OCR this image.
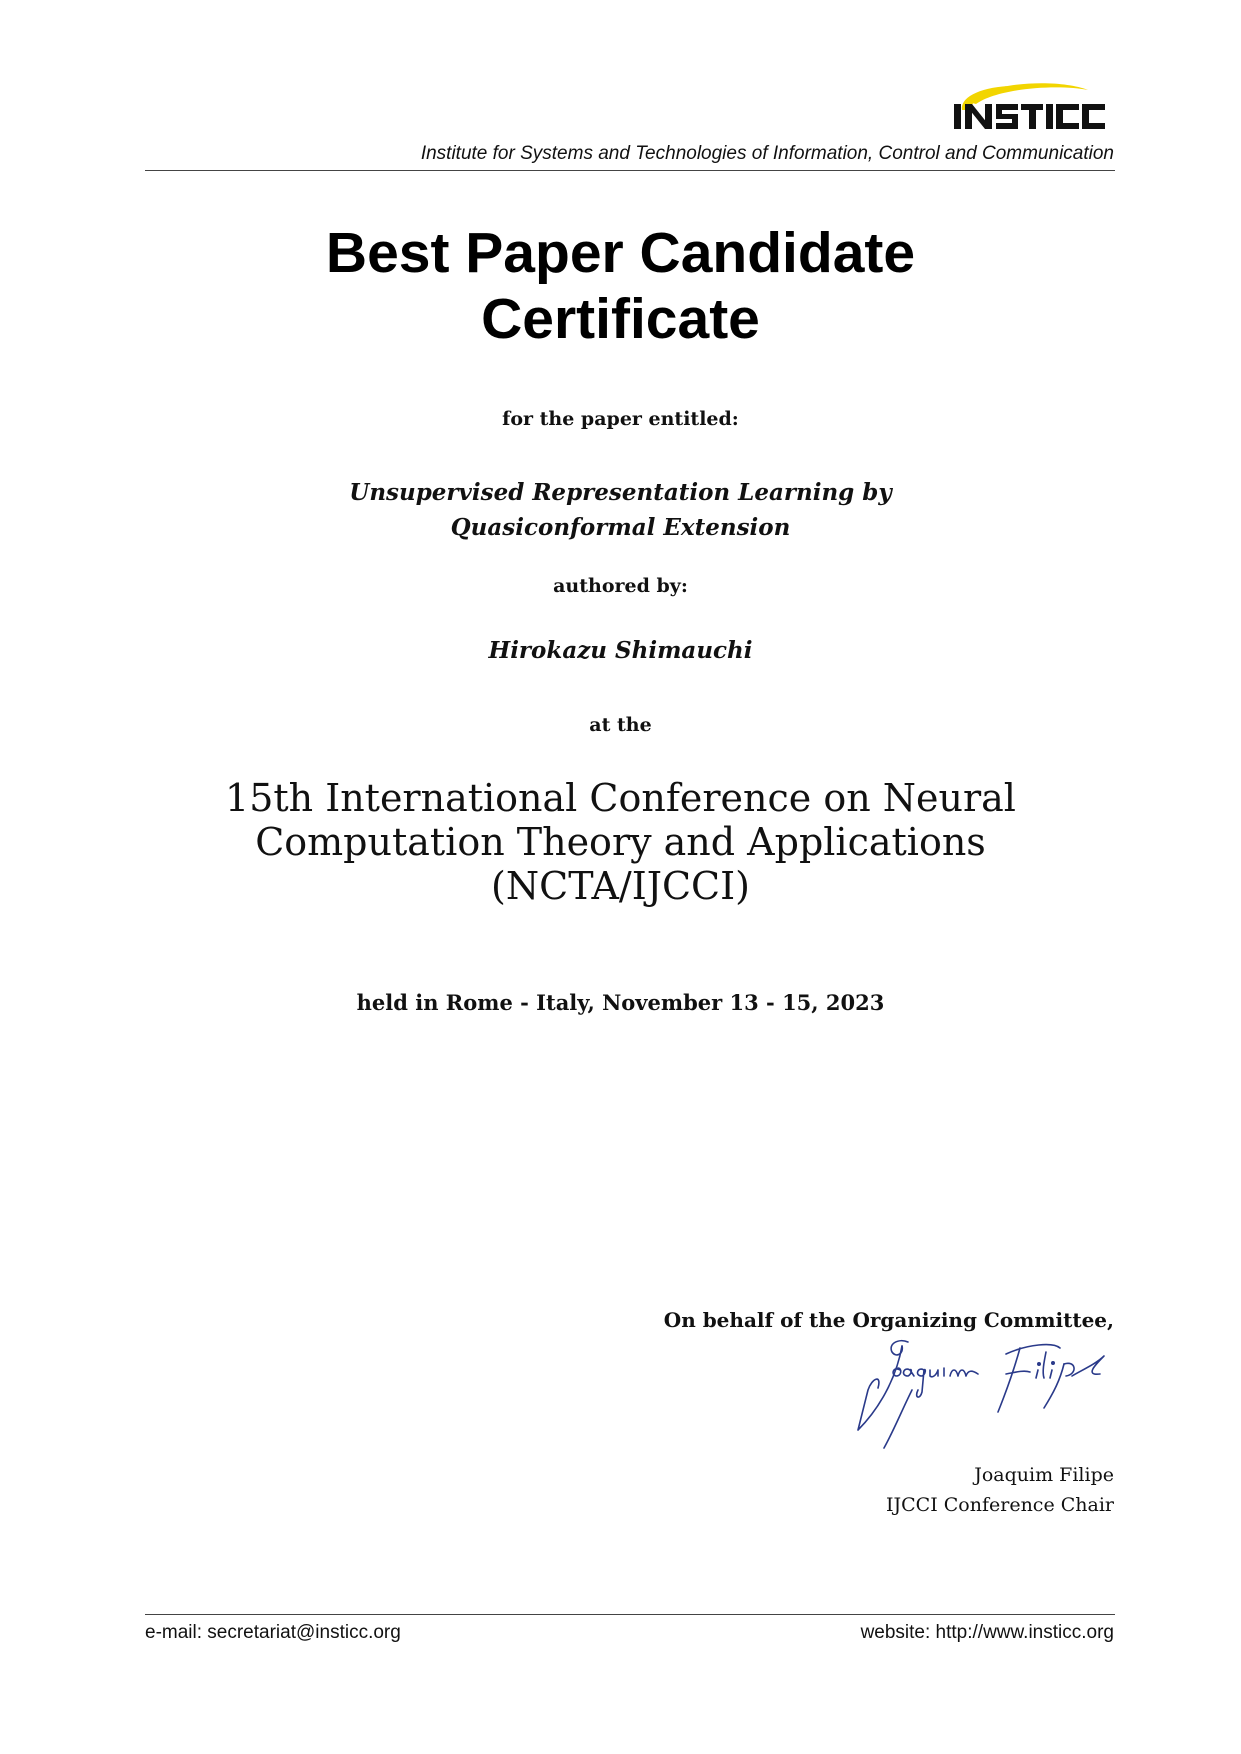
Institute for Systems and Technologies of Information, Control and Communication
Best Paper Candidate
Certificate
for the paper entitled:
Unsupervised Representation Learning by
Quasiconformal Extension
authored by:
Hirokazu Shimauchi
at the
15th International Conference on Neural
Computation Theory and Applications
(NCTA/IJCCI)
held in Rome - Italy, November 13 - 15, 2023
On behalf of the Organizing Committee,
Joaquim Filipe
IJCCI Conference Chair
e-mail: secretariat@insticc.org	website: http://www.insticc.org
